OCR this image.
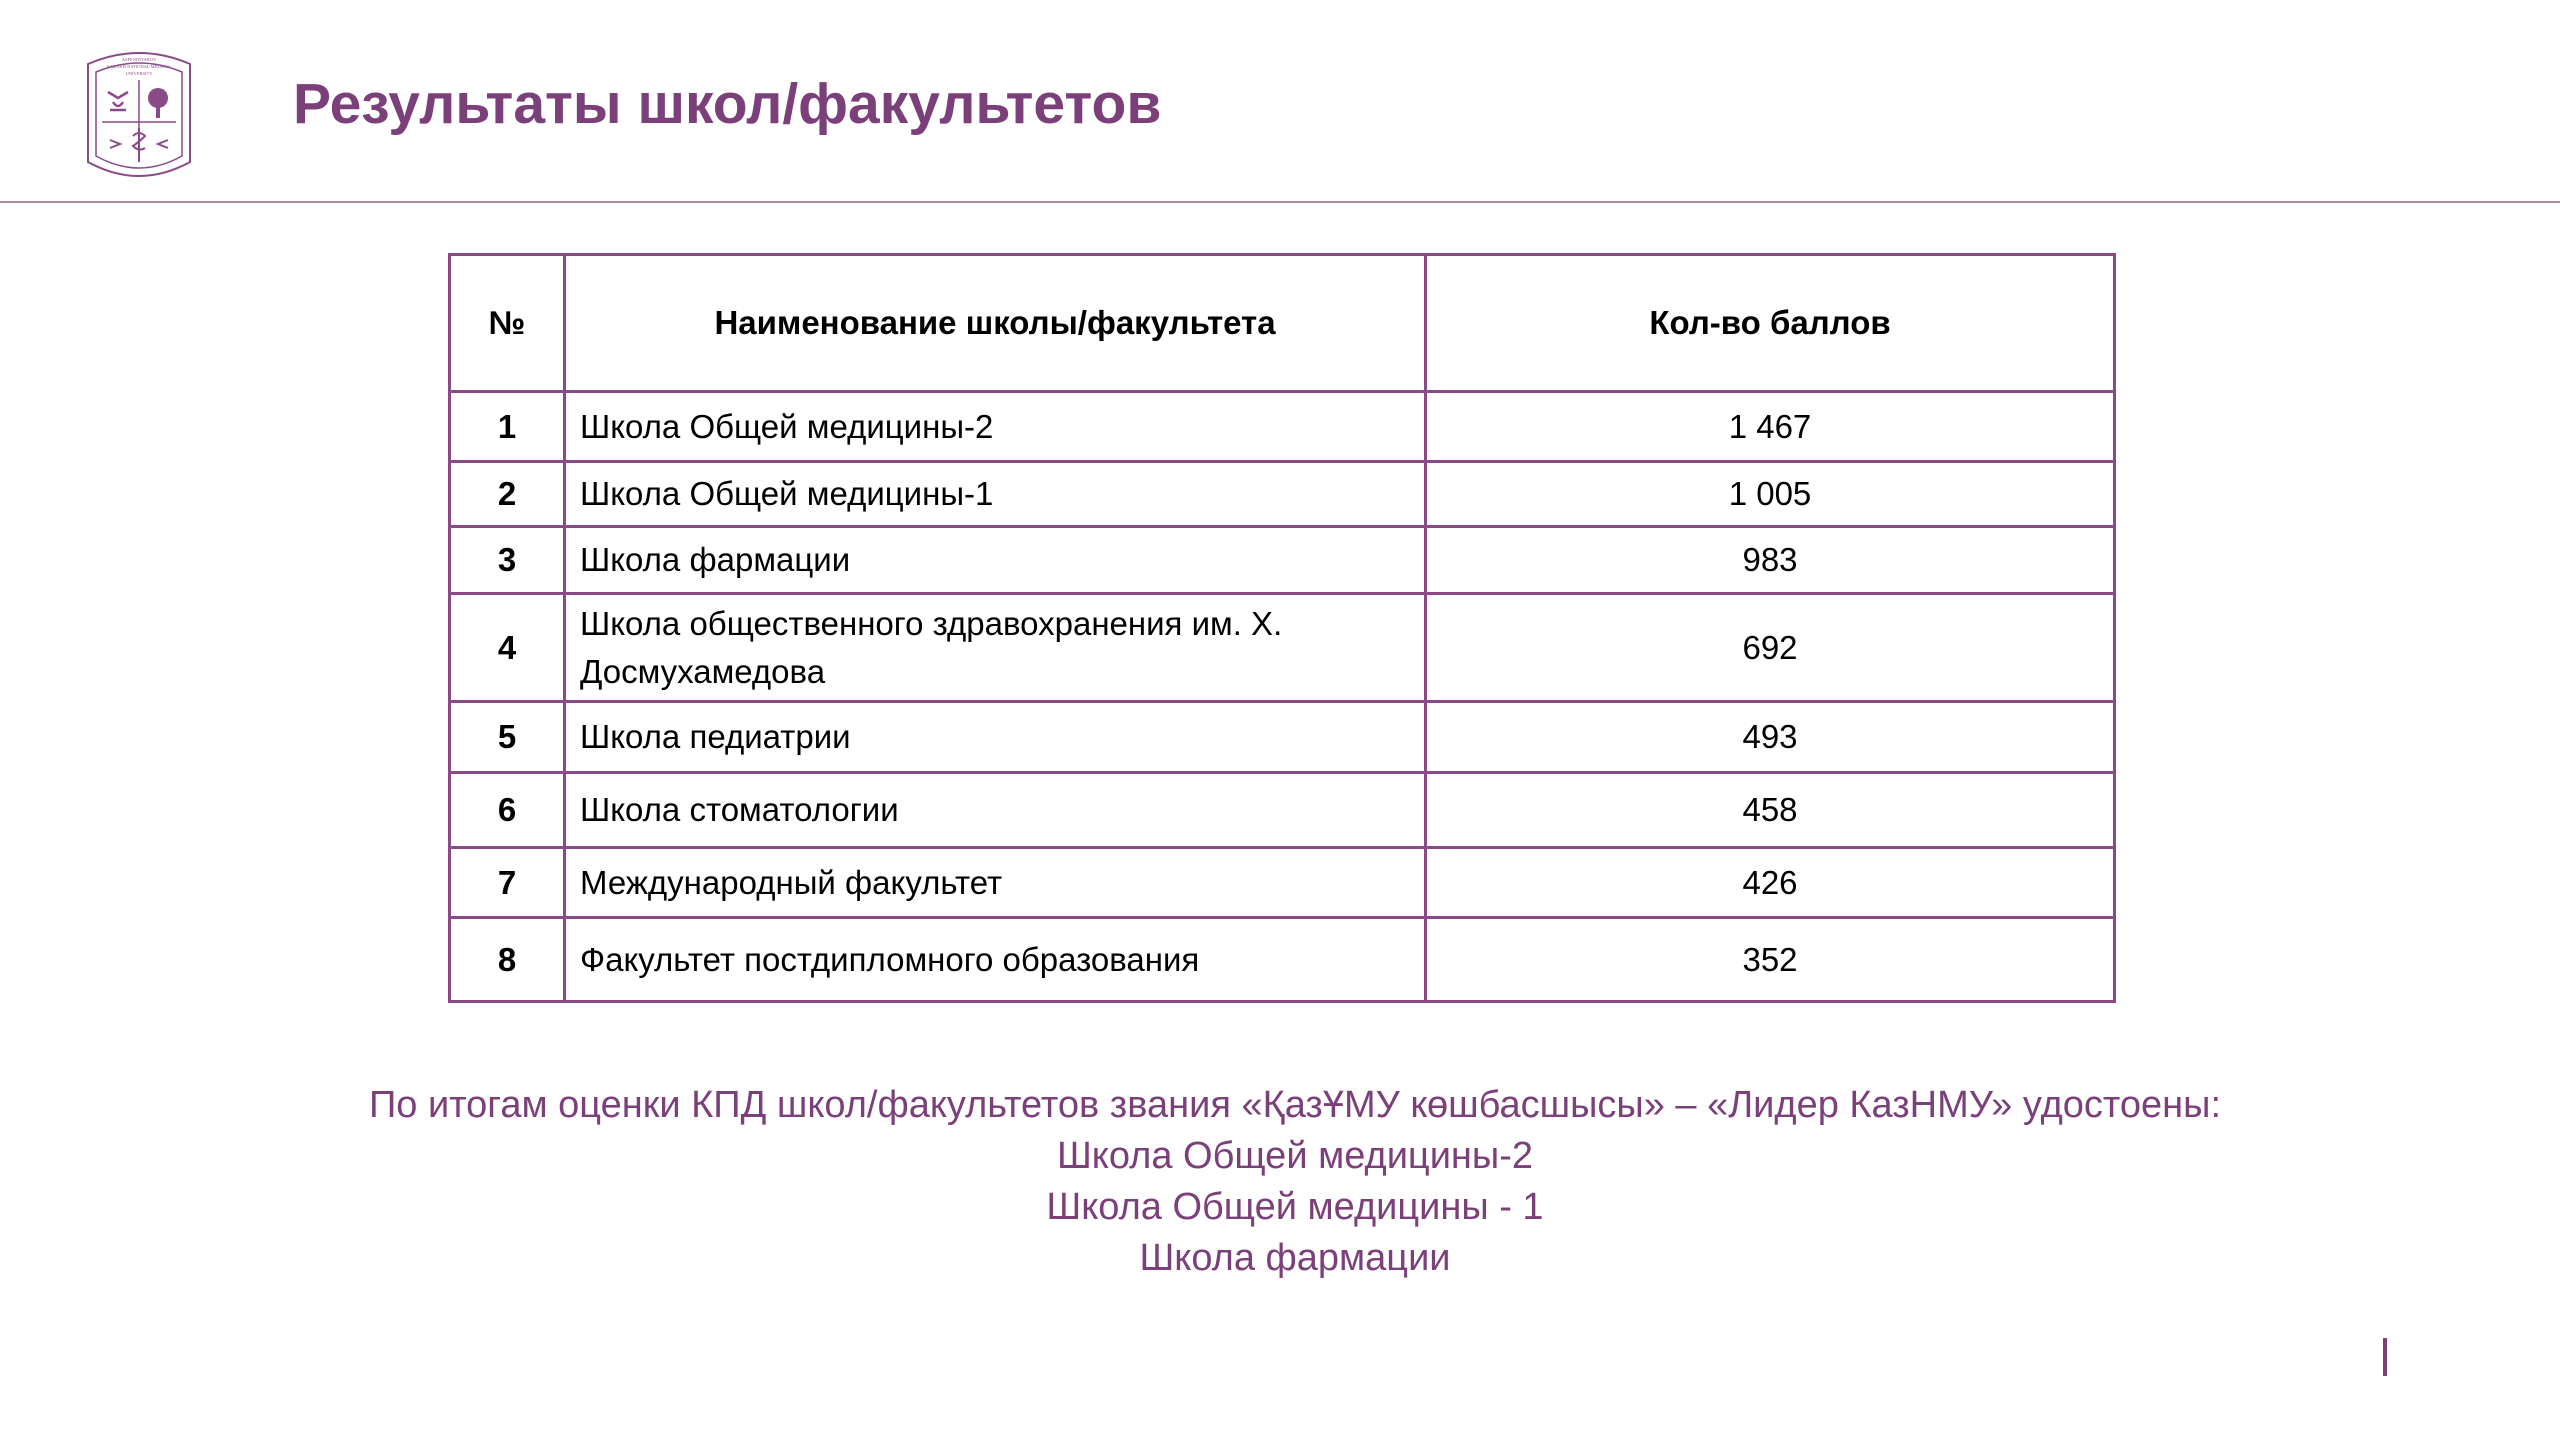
ASFENDIYAROV
KAZAKH NATIONAL MEDICAL
UNIVERSITY Результаты школ/факультетов
№	Наименование школы/факультета	Кол-во баллов
1	Школа Общей медицины-2	1 467
2	Школа Общей медицины-1	1 005
3	Школа фармации	983
4	Школа общественного здравохранения им. Х. Досмухамедова	692
5	Школа педиатрии	493
6	Школа стоматологии	458
7	Международный факультет	426
8	Факультет постдипломного образования	352
По итогам оценки КПД школ/факультетов звания «ҚазҰМУ көшбасшысы» – «Лидер КазНМУ» удостоены:
Школа Общей медицины-2
Школа Общей медицины - 1
Школа фармации
